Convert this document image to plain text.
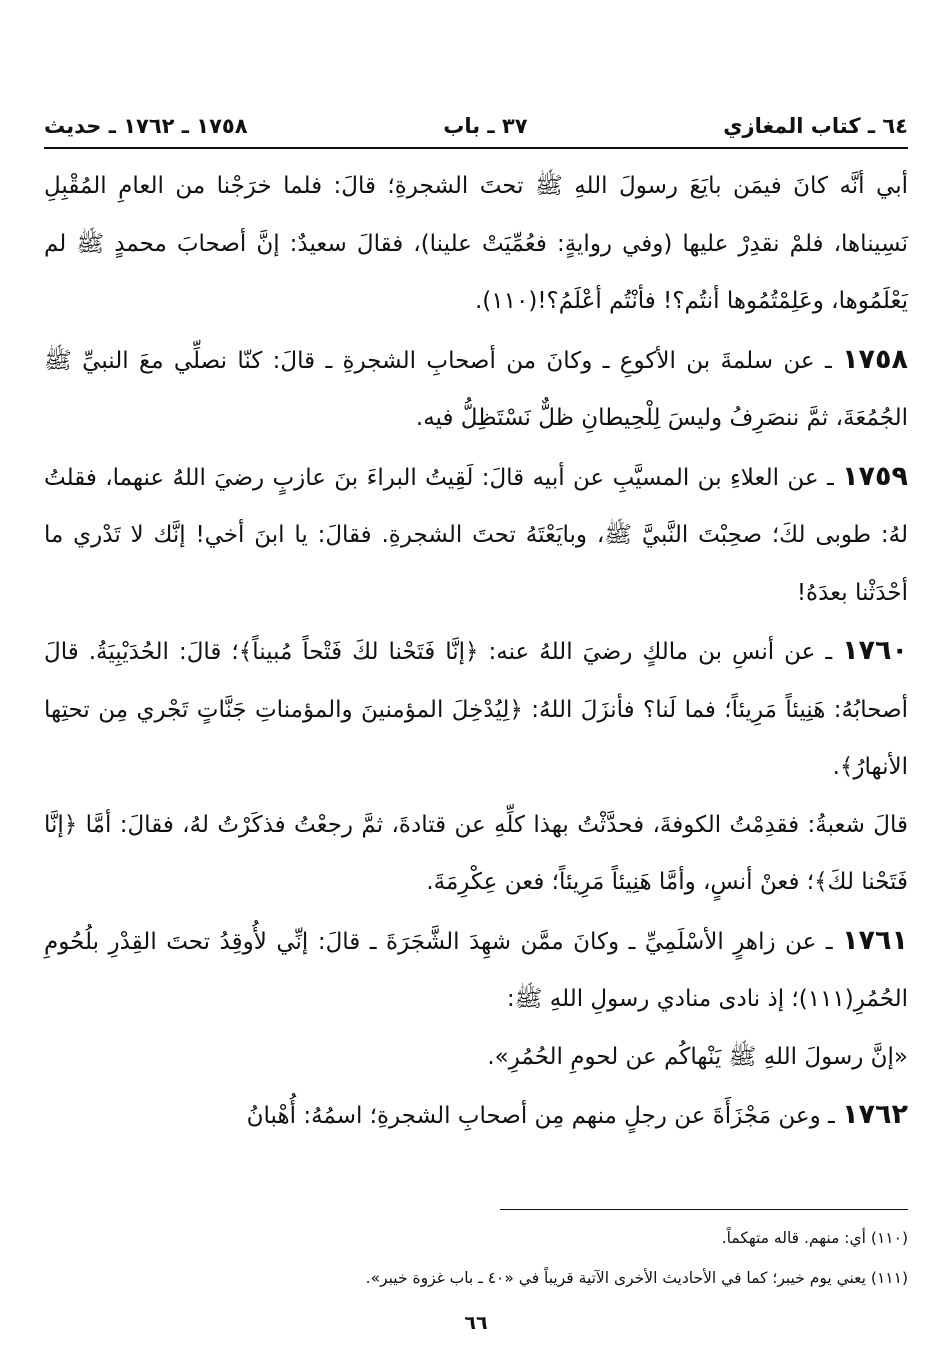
٦٤ ـ كتاب المغازي
٣٧ ـ باب
١٧٥٨ ـ ١٧٦٢ ـ حديث

أبي أنَّه كانَ فيمَن بايَعَ رسولَ اللهِ ﷺ تحتَ الشجرةِ؛ قالَ: فلما خرَجْنا من العامِ المُقْبِلِ نَسِيناها، فلمْ نقدِرْ عليها (وفي روايةٍ: فعُمِّيَتْ علينا)، فقالَ سعيدٌ: إنَّ أصحابَ محمدٍ ﷺ لم يَعْلَمُوها، وعَلِمْتُمُوها أنتُم؟! فأنْتُم أعْلَمُ؟!(١١٠).

١٧٥٨ ـ عن سلمةَ بن الأكوعِ ـ وكانَ من أصحابِ الشجرةِ ـ قالَ: كنّا نصلِّي معَ النبيِّ ﷺ الجُمُعَةَ، ثمَّ ننصَرِفُ وليسَ لِلْحِيطانِ ظلٌّ نَسْتَظِلُّ فيه.

١٧٥٩ ـ عن العلاءِ بن المسيَّبِ عن أبيه قالَ: لَقِيتُ البراءَ بنَ عازبٍ رضيَ اللهُ عنهما، فقلتُ لهُ: طوبى لكَ؛ صحِبْتَ النَّبيَّ ﷺ، وبايَعْتَهُ تحتَ الشجرةِ. فقالَ: يا ابنَ أخي! إنَّك لا تَدْري ما أحْدَثْنا بعدَهُ!

١٧٦٠ ـ عن أنسِ بن مالكٍ رضيَ اللهُ عنه: ﴿إنَّا فَتَحْنا لكَ فَتْحاً مُبيناً﴾؛ قالَ: الحُدَيْبِيَةُ. قالَ أصحابُهُ: هَنِيئاً مَرِيئاً؛ فما لَنا؟ فأنزَلَ اللهُ: ﴿لِيُدْخِلَ المؤمنينَ والمؤمناتِ جَنَّاتٍ تَجْري مِن تحتِها الأنهارُ﴾.

قالَ شعبةُ: فقدِمْتُ الكوفةَ، فحدَّثْتُ بهذا كلِّهِ عن قتادةَ، ثمَّ رجعْتُ فذكَرْتُ لهُ، فقالَ: أمَّا ﴿إنَّا فَتَحْنا لكَ﴾؛ فعنْ أنسٍ، وأمَّا هَنِيئاً مَرِيئاً؛ فعن عِكْرِمَةَ.

١٧٦١ ـ عن زاهرٍ الأسْلَمِيِّ ـ وكانَ ممَّن شهِدَ الشَّجَرَةَ ـ قالَ: إنِّي لأُوقِدُ تحتَ القِدْرِ بلُحُومِ الحُمُرِ(١١١)؛ إذ نادى منادي رسولِ اللهِ ﷺ:

«إنَّ رسولَ اللهِ ﷺ يَنْهاكُم عن لحومِ الحُمُرِ».

١٧٦٢ ـ وعن مَجْزَأَةَ عن رجلٍ منهم مِن أصحابِ الشجرةِ؛ اسمُهُ: أُهْبانُ

(١١٠) أي: منهم. قاله متهكماً.

(١١١) يعني يوم خيبر؛ كما في الأحاديث الأخرى الآتية قريباً في «٤٠ ـ باب غزوة خيبر».

٦٦
